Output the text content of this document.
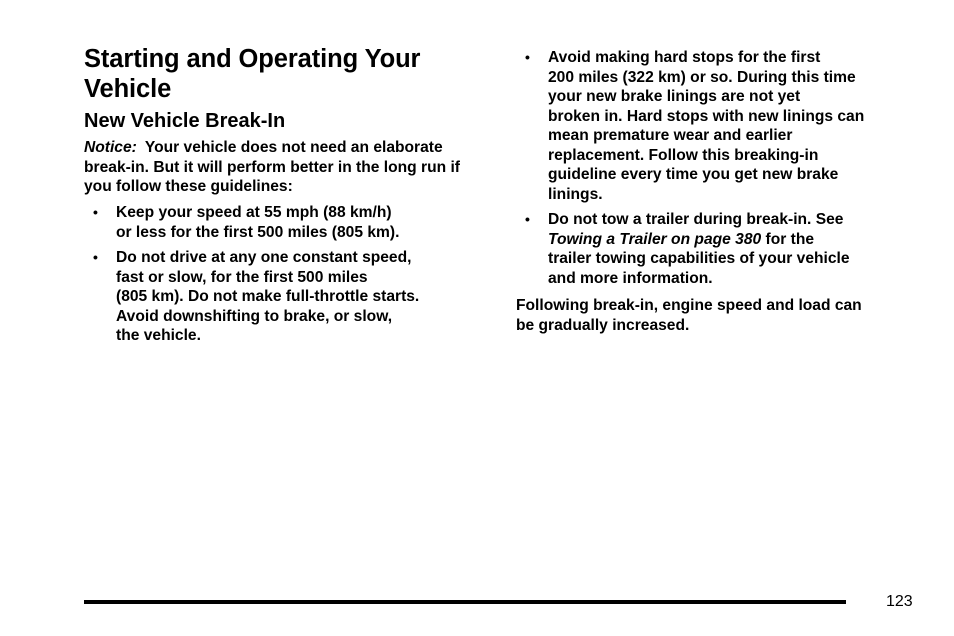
Starting and Operating Your
Vehicle
New Vehicle Break-In

Notice: Your vehicle does not need an elaborate break-in. But it will perform better in the long run if you follow these guidelines:

• Keep your speed at 55 mph (88 km/h)
or less for the first 500 miles (805 km).
• Do not drive at any one constant speed,
fast or slow, for the first 500 miles
(805 km). Do not make full-throttle starts.
Avoid downshifting to brake, or slow,
the vehicle.
• Avoid making hard stops for the first
200 miles (322 km) or so. During this time
your new brake linings are not yet
broken in. Hard stops with new linings can
mean premature wear and earlier
replacement. Follow this breaking-in
guideline every time you get new brake
linings.
• Do not tow a trailer during break-in. See
Towing a Trailer on page 380 for the
trailer towing capabilities of your vehicle
and more information.

Following break-in, engine speed and load can
be gradually increased.

123
